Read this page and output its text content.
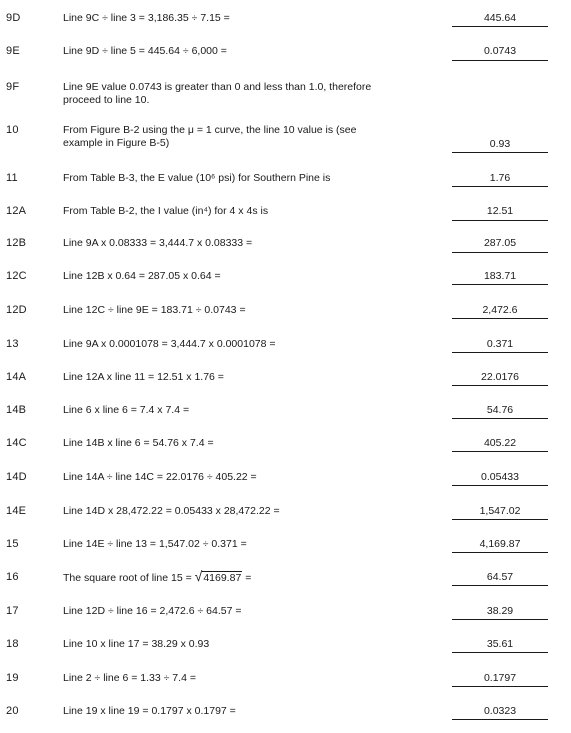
9D	Line 9C ÷ line 3 = 3,186.35 ÷ 7.15 =	445.64
9E	Line 9D ÷ line 5 = 445.64 ÷ 6,000 =	0.0743
9F	Line 9E value 0.0743 is greater than 0 and less than 1.0, therefore
proceed to line 10.
10	From Figure B-2 using the μ = 1 curve, the line 10 value is (see
example in Figure B-5)	0.93
11	From Table B-3, the E value (10⁶ psi) for Southern Pine is	1.76
12A	From Table B-2, the I value (in⁴) for 4 x 4s is	12.51
12B	Line 9A x 0.08333 = 3,444.7 x 0.08333 =	287.05
12C	Line 12B x 0.64 = 287.05 x 0.64 =	183.71
12D	Line 12C ÷ line 9E = 183.71 ÷ 0.0743 =	2,472.6
13	Line 9A x 0.0001078 = 3,444.7 x 0.0001078 =	0.371
14A	Line 12A x line 11 = 12.51 x 1.76 =	22.0176
14B	Line 6 x line 6 = 7.4 x 7.4 =	54.76
14C	Line 14B x line 6 = 54.76 x 7.4 =	405.22
14D	Line 14A ÷ line 14C = 22.0176 ÷ 405.22 =	0.05433
14E	Line 14D x 28,472.22 = 0.05433 x 28,472.22 =	1,547.02
15	Line 14E ÷ line 13 = 1,547.02 ÷ 0.371 =	4,169.87
16	The square root of line 15 = √4169.87 =	64.57
17	Line 12D ÷ line 16 = 2,472.6 ÷ 64.57 =	38.29
18	Line 10 x line 17 = 38.29 x 0.93	35.61
19	Line 2 ÷ line 6 = 1.33 ÷ 7.4 =	0.1797
20	Line 19 x line 19 = 0.1797 x 0.1797 =	0.0323
